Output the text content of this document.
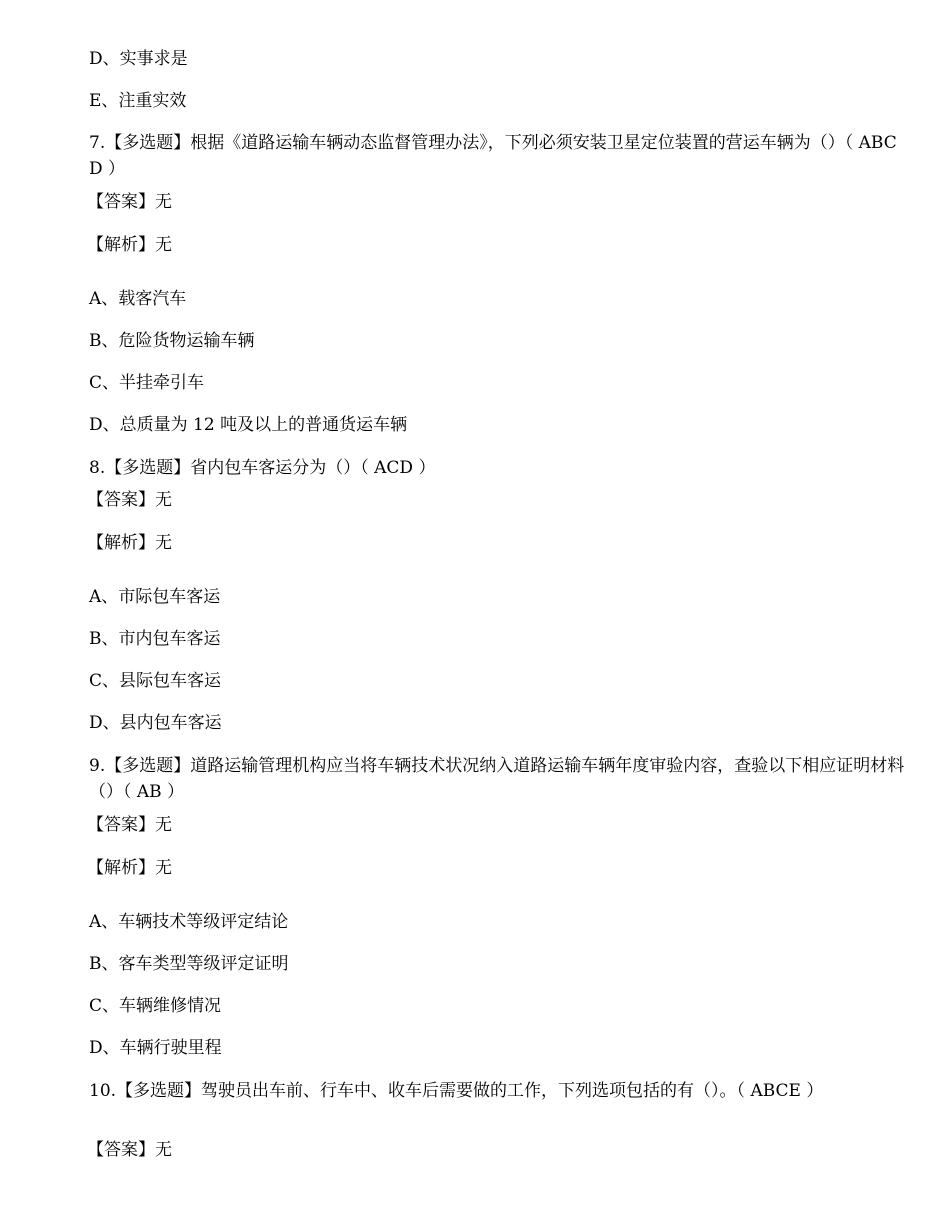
D、实事求是
E、注重实效
7.【多选题】根据《道路运输车辆动态监督管理办法》，下列必须安装卫星定位装置的营运车辆为（）（ ABCD ）
【答案】无
【解析】无
A、载客汽车
B、危险货物运输车辆
C、半挂牵引车
D、总质量为 12 吨及以上的普通货运车辆
8.【多选题】省内包车客运分为（）（ ACD ）
【答案】无
【解析】无
A、市际包车客运
B、市内包车客运
C、县际包车客运
D、县内包车客运
9.【多选题】道路运输管理机构应当将车辆技术状况纳入道路运输车辆年度审验内容，查验以下相应证明材料（）（ AB ）
【答案】无
【解析】无
A、车辆技术等级评定结论
B、客车类型等级评定证明
C、车辆维修情况
D、车辆行驶里程
10.【多选题】驾驶员出车前、行车中、收车后需要做的工作，下列选项包括的有（）。（ ABCE ）
【答案】无
